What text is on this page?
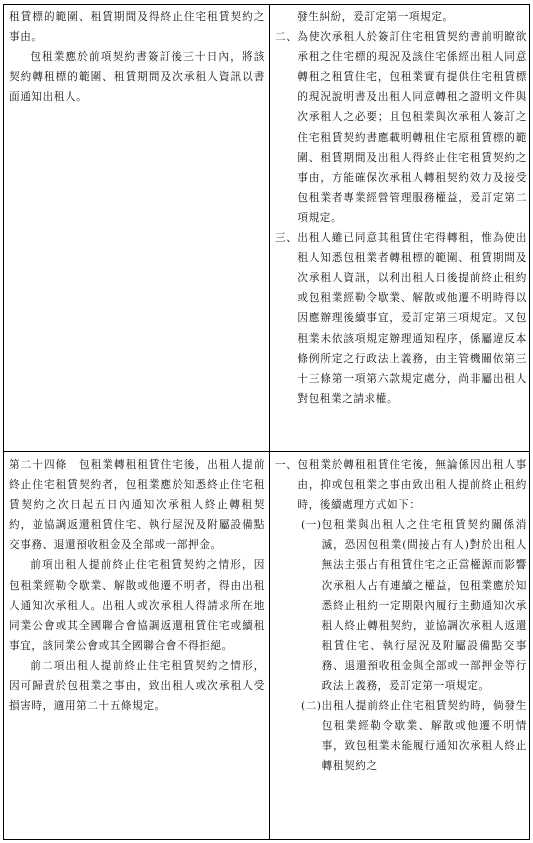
租賃標的範圍、租賃期間及得終止住宅租賃契約之事由。

包租業應於前項契約書簽訂後三十日內，將該契約轉租標的範圍、租賃期間及次承租人資訊以書面通知出租人。

發生糾紛，爰訂定第一項規定。

二、 為使次承租人於簽訂住宅租賃契約書前明瞭欲承租之住宅標的現況及該住宅係經出租人同意轉租之租賃住宅，包租業實有提供住宅租賃標的現況說明書及出租人同意轉租之證明文件與次承租人之必要；且包租業與次承租人簽訂之住宅租賃契約書應載明轉租住宅原租賃標的範圍、租賃期間及出租人得終止住宅租賃契約之事由，方能確保次承租人轉租契約效力及接受包租業者專業經營管理服務權益，爰訂定第二項規定。
三、 出租人雖已同意其租賃住宅得轉租，惟為使出租人知悉包租業者轉租標的範圍、租賃期間及次承租人資訊，以利出租人日後提前終止租約或包租業經勒令歇業、解散或他遷不明時得以因應辦理後續事宜，爰訂定第三項規定。又包租業未依該項規定辦理通知程序，係屬違反本條例所定之行政法上義務，由主管機關依第三十三條第一項第六款規定處分，尚非屬出租人對包租業之請求權。

第二十四條　 包租業轉租租賃住宅後，出租人提前終止住宅租賃契約者，包租業應於知悉終止住宅租賃契約之次日起五日內通知次承租人終止轉租契約，並協調返還租賃住宅、執行屋況及附屬設備點交事務、退還預收租金及全部或一部押金。

前項出租人提前終止住宅租賃契約之情形，因包租業經勒令歇業、解散或他遷不明者，得由出租人通知次承租人。出租人或次承租人得請求所在地同業公會或其全國聯合會協調返還租賃住宅或續租事宜，該同業公會或其全國聯合會不得拒絕。

前二項出租人提前終止住宅租賃契約之情形，因可歸責於包租業之事由，致出租人或次承租人受損害時，適用第二十五條規定。

一、 包租業於轉租租賃住宅後，無論係因出租人事由，抑或包租業之事由致出租人提前終止租約時，後續處理方式如下：
(一) 包租業與出租人之住宅租賃契約關係消滅，恐因包租業(間接占有人)對於出租人無法主張占有租賃住宅之正當權源而影響次承租人占有連續之權益，包租業應於知悉終止租約一定期限內履行主動通知次承租人終止轉租契約，並協調次承租人返還租賃住宅、執行屋況及附屬設備點交事務、退還預收租金與全部或一部押金等行政法上義務，爰訂定第一項規定。
(二) 出租人提前終止住宅租賃契約時，倘發生包租業經勒令歇業、解散或他遷不明情事，致包租業未能履行通知次承租人終止轉租契約之
